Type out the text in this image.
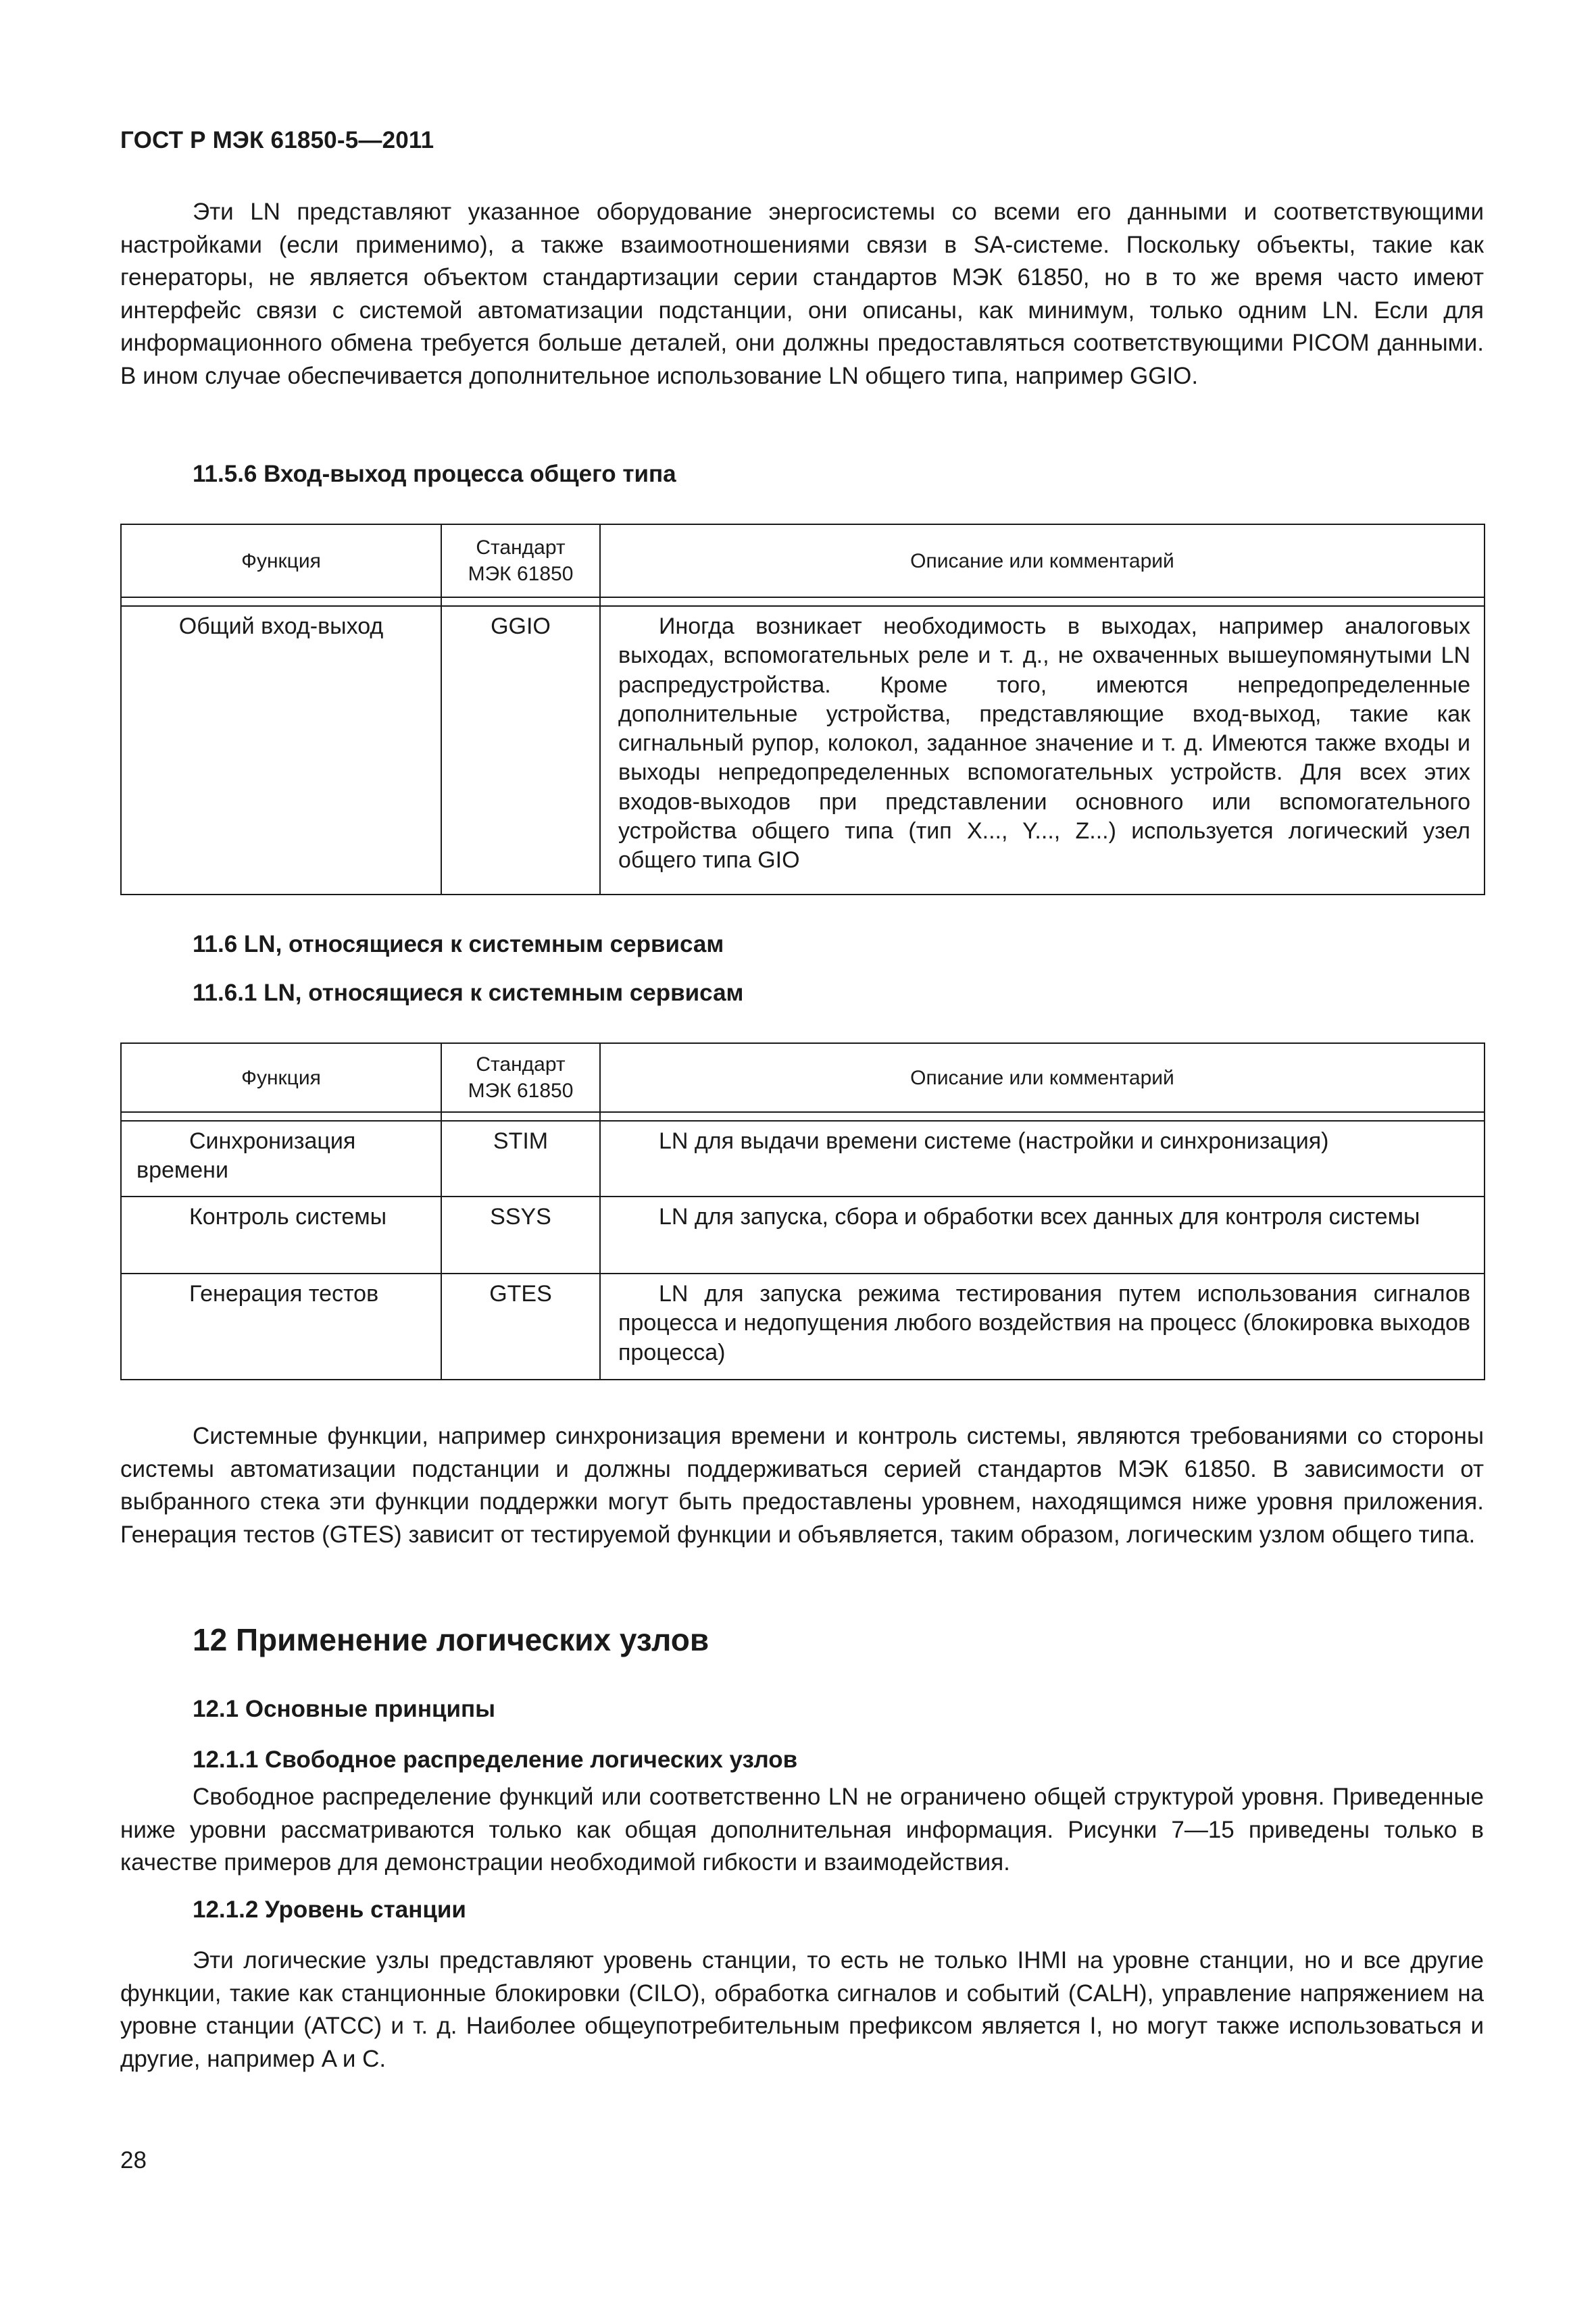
ГОСТ Р МЭК 61850-5—2011

Эти LN представляют указанное оборудование энергосистемы со всеми его данными и соответствующими настройками (если применимо), а также взаимоотношениями связи в SA-системе. Поскольку объекты, такие как генераторы, не является объектом стандартизации серии стандартов МЭК 61850, но в то же время часто имеют интерфейс связи с системой автоматизации подстанции, они описаны, как минимум, только одним LN. Если для информационного обмена требуется больше деталей, они должны предоставляться соответствующими PICOM данными. В ином случае обеспечивается дополнительное использование LN общего типа, например GGIO.

11.5.6 Вход-выход процесса общего типа
Функция	Стандарт МЭК 61850	Описание или комментарий

Общий вход-выход	GGIO	Иногда возникает необходимость в выходах, например аналоговых выходах, вспомогательных реле и т. д., не охваченных вышеупомянутыми LN распредустройства. Кроме того, имеются непредопределенные дополнительные устройства, представляющие вход-выход, такие как сигнальный рупор, колокол, заданное значение и т. д. Имеются также входы и выходы непредопределенных вспомогательных устройств. Для всех этих входов-выходов при представлении основного или вспомогательного устройства общего типа (тип X..., Y..., Z...) используется логический узел общего типа GIO
11.6 LN, относящиеся к системным сервисам
11.6.1 LN, относящиеся к системным сервисам
Функция	Стандарт МЭК 61850	Описание или комментарий

Синхронизация времени	STIM	LN для выдачи времени системе (настройки и синхронизация)

Контроль системы	SSYS	LN для запуска, сбора и обработки всех данных для контроля системы

Генерация тестов	GTES	LN для запуска режима тестирования путем использования сигналов процесса и недопущения любого воздействия на процесс (блокировка выходов процесса)

Системные функции, например синхронизация времени и контроль системы, являются требованиями со стороны системы автоматизации подстанции и должны поддерживаться серией стандартов МЭК 61850. В зависимости от выбранного стека эти функции поддержки могут быть предоставлены уровнем, находящимся ниже уровня приложения. Генерация тестов (GTES) зависит от тестируемой функции и объявляется, таким образом, логическим узлом общего типа.

12 Применение логических узлов
12.1 Основные принципы
12.1.1 Свободное распределение логических узлов

Свободное распределение функций или соответственно LN не ограничено общей структурой уровня. Приведенные ниже уровни рассматриваются только как общая дополнительная информация. Рисунки 7—15 приведены только в качестве примеров для демонстрации необходимой гибкости и взаимодействия.

12.1.2 Уровень станции

Эти логические узлы представляют уровень станции, то есть не только IHMI на уровне станции, но и все другие функции, такие как станционные блокировки (CILO), обработка сигналов и событий (CALH), управление напряжением на уровне станции (ATCC) и т. д. Наиболее общеупотребительным префиксом является I, но могут также использоваться и другие, например A и C.

28
